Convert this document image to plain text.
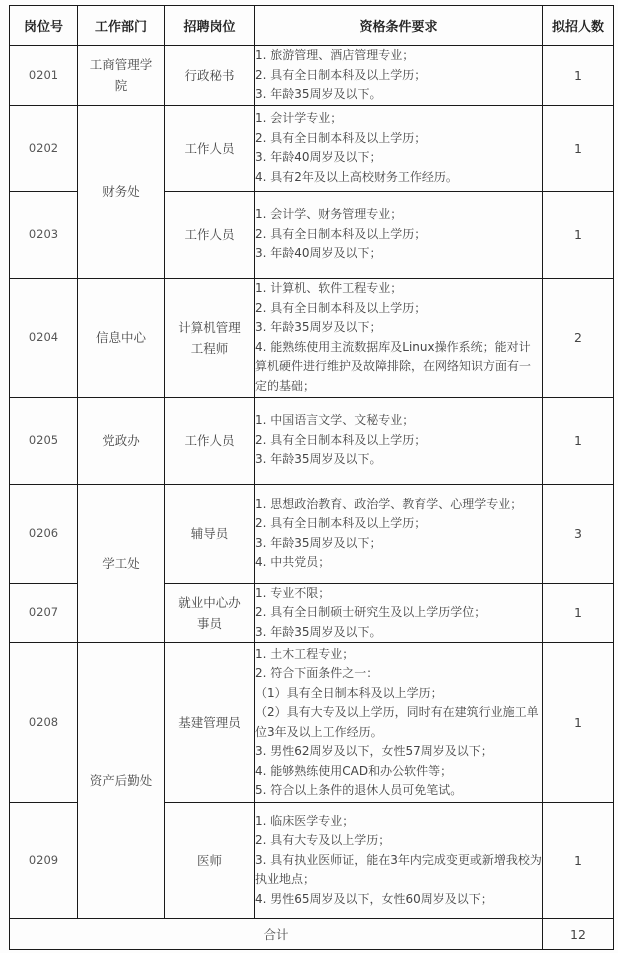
岗位号	工作部门	招聘岗位	资格条件要求	拟招人数
0201	工商管理学院	行政秘书	1. 旅游管理、酒店管理专业；
2. 具有全日制本科及以上学历；
3. 年龄35周岁及以下。	1
0202	财务处	工作人员	1. 会计学专业；
2. 具有全日制本科及以上学历；
3. 年龄40周岁及以下；
4. 具有2年及以上高校财务工作经历。	1
0203		工作人员	1. 会计学、财务管理专业；
2. 具有全日制本科及以上学历；
3. 年龄40周岁及以下；	1
0204	信息中心	计算机管理工程师	1. 计算机、软件工程专业；
2. 具有全日制本科及以上学历；
3. 年龄35周岁及以下；
4. 能熟练使用主流数据库及Linux操作系统；能对计算机硬件进行维护及故障排除，在网络知识方面有一定的基础；	2
0205	党政办	工作人员	1. 中国语言文学、文秘专业；
2. 具有全日制本科及以上学历；
3. 年龄35周岁及以下。	1
0206	学工处	辅导员	1. 思想政治教育、政治学、教育学、心理学专业；
2. 具有全日制本科及以上学历；
3. 年龄35周岁及以下；
4. 中共党员；	3
0207		就业中心办事员	1. 专业不限；
2. 具有全日制硕士研究生及以上学历学位；
3. 年龄35周岁及以下。	1
0208	资产后勤处	基建管理员	
1. 土木工程专业；
2. 符合下面条件之一：
（1）具有全日制本科及以上学历；
（2）具有大专及以上学历，同时有在建筑行业施工单位3年及以上工作经历。
3. 男性62周岁及以下，女性57周岁及以下；
4. 能够熟练使用CAD和办公软件等；
5. 符合以上条件的退休人员可免笔试。
	1
0209		医师	1. 临床医学专业；
2. 具有大专及以上学历；
3. 具有执业医师证，能在3年内完成变更或新增我校为执业地点；
4. 男性65周岁及以下，女性60周岁及以下；	1
合计				12
